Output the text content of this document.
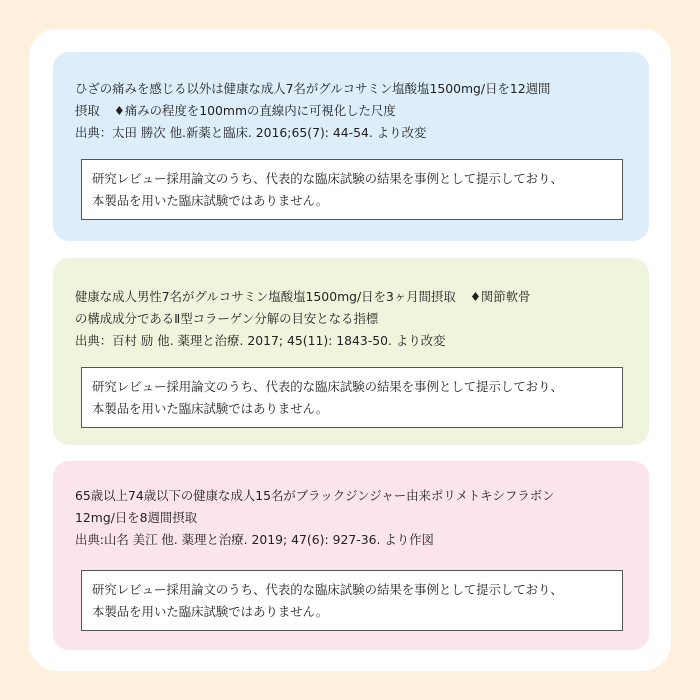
ひざの痛みを感じる以外は健康な成人7名がグルコサミン塩酸塩1500mg/日を12週間
摂取 ♦痛みの程度を100mmの直線内に可視化した尺度
出典：太田 勝次 他.新薬と臨床. 2016;65(7): 44-54. より改変
研究レビュー採用論文のうち、代表的な臨床試験の結果を事例として提示しており、
本製品を用いた臨床試験ではありません。
健康な成人男性7名がグルコサミン塩酸塩1500mg/日を3ヶ月間摂取 ♦関節軟骨
の構成成分であるⅡ型コラーゲン分解の目安となる指標
出典：百村 励 他. 薬理と治療. 2017; 45(11): 1843-50. より改変
研究レビュー採用論文のうち、代表的な臨床試験の結果を事例として提示しており、
本製品を用いた臨床試験ではありません。
65歳以上74歳以下の健康な成人15名がブラックジンジャー由来ポリメトキシフラボン
12mg/日を8週間摂取
出典:山名 美江 他. 薬理と治療. 2019; 47(6): 927-36. より作図
研究レビュー採用論文のうち、代表的な臨床試験の結果を事例として提示しており、
本製品を用いた臨床試験ではありません。
